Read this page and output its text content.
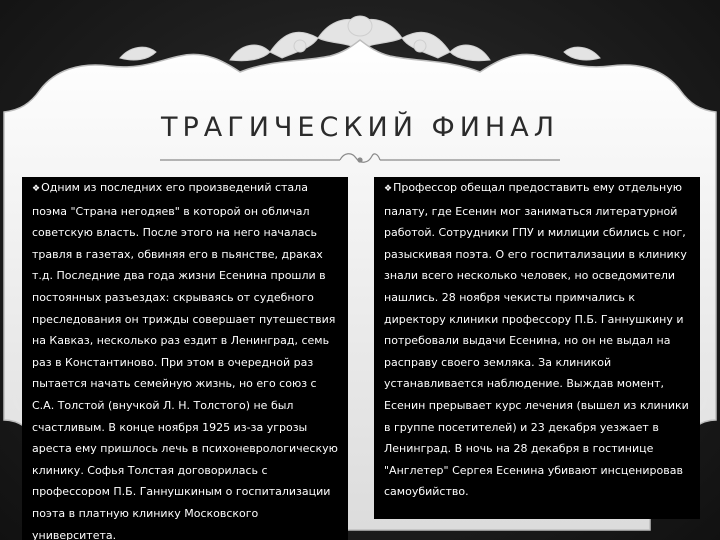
ТРАГИЧЕСКИЙ ФИНАЛ
❖Одним из последних его произведений стала поэма "Страна негодяев" в которой он обличал советскую власть. После этого на него началась травля в газетах, обвиняя его в пьянстве, драках т.д. Последние два года жизни Есенина прошли в постоянных разъездах: скрываясь от судебного преследования он трижды совершает путешествия на Кавказ, несколько раз ездит в Ленинград, семь раз в Константиново. При этом в очередной раз пытается начать семейную жизнь, но его союз с С.А. Толстой (внучкой Л. Н. Толстого) не был счастливым. В конце ноября 1925 из-за угрозы ареста ему пришлось лечь в психоневрологическую клинику. Софья Толстая договорилась с профессором П.Б. Ганнушкиным о госпитализации поэта в платную клинику Московского университета.
❖Профессор обещал предоставить ему отдельную палату, где Есенин мог заниматься литературной работой. Сотрудники ГПУ и милиции сбились с ног, разыскивая поэта. О его госпитализации в клинику знали всего несколько человек, но осведомители нашлись. 28 ноября чекисты примчались к директору клиники профессору П.Б. Ганнушкину и потребовали выдачи Есенина, но он не выдал на расправу своего земляка. За клиникой устанавливается наблюдение. Выждав момент, Есенин прерывает курс лечения (вышел из клиники в группе посетителей) и 23 декабря уезжает в Ленинград. В ночь на 28 декабря в гостинице "Англетер" Сергея Есенина убивают инсценировав самоубийство.
